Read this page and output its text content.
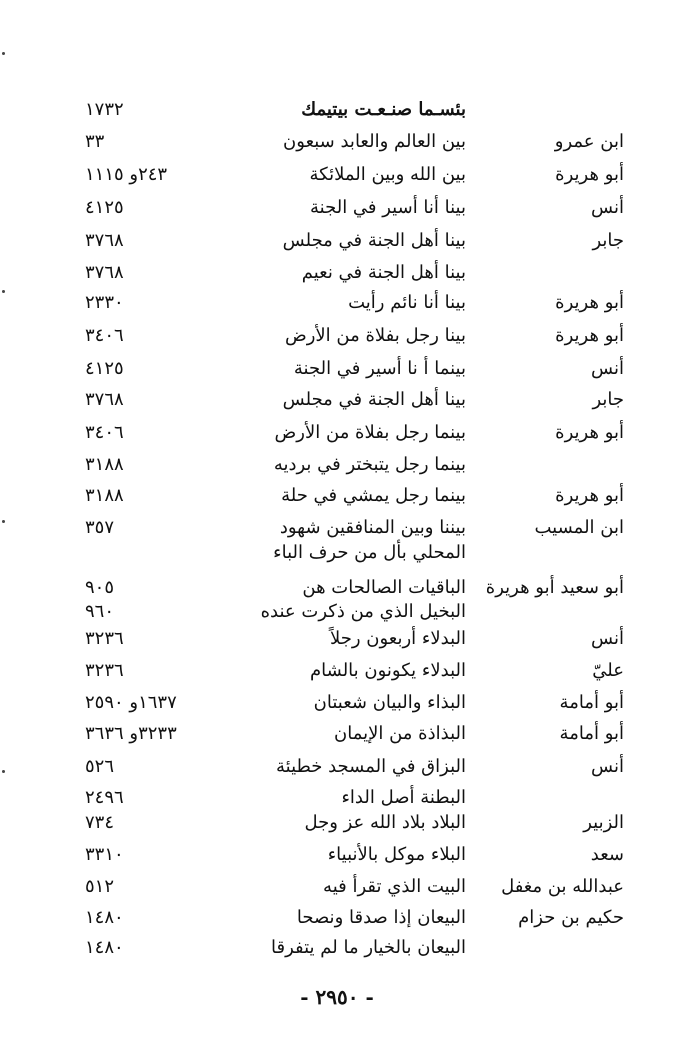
بئسـما صنـعـت بيتيمك
١٧٣٢
ابن عمرو
بين العالم والعابد سبعون
٣٣
أبو هريرة
بين الله وبين الملائكة
٢٤٣و ١١١٥
أنس
بينا أنا أسير في الجنة
٤١٢٥
جابر
بينا أهل الجنة في مجلس
٣٧٦٨
بينا أهل الجنة في نعيم
٣٧٦٨
أبو هريرة
بينا أنا نائم رأيت
٢٣٣٠
أبو هريرة
بينا رجل بفلاة من الأرض
٣٤٠٦
أنس
بينما أ نا أسير في الجنة
٤١٢٥
جابر
بينا أهل الجنة في مجلس
٣٧٦٨
أبو هريرة
بينما رجل بفلاة من الأرض
٣٤٠٦
بينما رجل يتبختر في برديه
٣١٨٨
أبو هريرة
بينما رجل يمشي في حلة
٣١٨٨
ابن المسيب
بيننا وبين المنافقين شهود
٣٥٧
المحلي بأل من حرف الباء
أبو سعيد أبو هريرة
الباقيات الصالحات هن
٩٠٥
البخيل الذي من ذكرت عنده
٩٦٠
أنس
البدلاء أربعون رجلاً
٣٢٣٦
عليّ
البدلاء يكونون بالشام
٣٢٣٦
أبو أمامة
البذاء والبيان شعبتان
١٦٣٧و ٢٥٩٠
أبو أمامة
البذاذة من الإيمان
٣٢٣٣و ٣٦٣٦
أنس
البزاق في المسجد خطيئة
٥٢٦
البطنة أصل الداء
٢٤٩٦
الزبير
البلاد بلاد الله عز وجل
٧٣٤
سعد
البلاء موكل بالأنبياء
٣٣١٠
عبدالله بن مغفل
البيت الذي تقرأ فيه
٥١٢
حكيم بن حزام
البيعان إذا صدقا ونصحا
١٤٨٠
البيعان بالخيار ما لم يتفرقا
١٤٨٠
- ٢٩٥٠ -
